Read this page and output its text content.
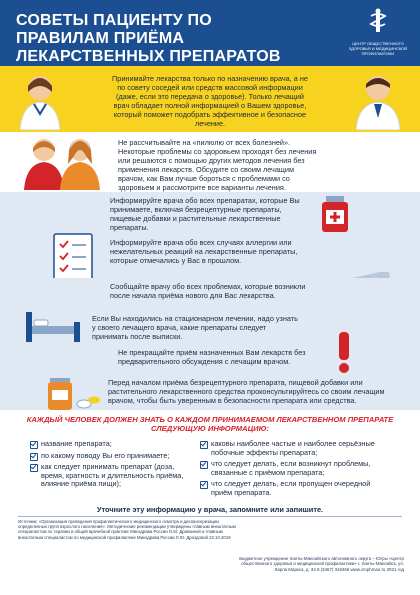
СОВЕТЫ ПАЦИЕНТУ ПО ПРАВИЛАМ ПРИЁМА ЛЕКАРСТВЕННЫХ ПРЕПАРАТОВ
ЦЕНТР ОБЩЕСТВЕННОГО ЗДОРОВЬЯ И МЕДИЦИНСКОЙ ПРОФИЛАКТИКИ
Принимайте лекарства только по назначению врача, а не по совету соседей или средств массовой информации (даже, если это передача о здоровье). Только лечащий врач обладает полной информацией о Вашем здоровье, который поможет подобрать эффективное и безопасное лечение.
Не рассчитывайте на «пилюлю от всех болезней». Некоторые проблемы со здоровьем проходят без лечения или решаются с помощью других методов лечения без применения лекарств. Обсудите со своим лечащим врачом, как Вам лучше бороться с проблемами со здоровьем и рассмотрите все варианты лечения.
Информируйте врача обо всех препаратах, которые Вы принимаете, включая безрецептурные препараты, пищевые добавки и растительные лекарственные препараты.
Информируйте врача обо всех случаях аллергии или нежелательных реакций на лекарственные препараты, которые отмечались у Вас в прошлом.
Сообщайте врачу обо всех проблемах, которые возникли после начала приёма нового для Вас лекарства.
Если Вы находились на стационарном лечении, надо узнать у своего лечащего врача, какие препараты следует принимать после выписки.
Не прекращайте приём назначенных Вам лекарств без предварительного обсуждения с лечащим врачом.
Перед началом приёма безрецептурного препарата, пищевой добавки или растительного лекарственного средства проконсультируйтесь со своим лечащим врачом, чтобы быть уверенным в безопасности препарата или средства.
КАЖДЫЙ ЧЕЛОВЕК ДОЛЖЕН ЗНАТЬ О КАЖДОМ ПРИНИМАЕМОМ ЛЕКАРСТВЕННОМ ПРЕПАРАТЕ СЛЕДУЮЩУЮ ИНФОРМАЦИЮ:
название препарата;
по какому поводу Вы его принимаете;
как следует принимать препарат (доза, время, кратность и длительность приёма, влияние приёма пищи);
каковы наиболее частые и наиболее серьёзные побочные эффекты препарата;
что следует делать, если возникнут проблемы, связанные с приёмом препарата;
что следует делать, если пропущен очередной приём препарата.
Уточните эту информацию у врача, запомните или запишите.
Источник: «Организация проведения профилактического медицинского осмотра и диспансеризации определенных групп взрослого населения». Методические рекомендации утверждены главным внештатным специалистом по терапии и общей врачебной практике Минздрава России О.М. Драпкиной и главным внештатным специалистом по медицинской профилактике Минздрава России Л.Ю. Дроздовой 22.10.2019
Бюджетное учреждение Ханты-Мансийского автономного округа – Югры «Центр общественного здоровья и медицинской профилактики» г. Ханты-Мансийск, ул. Карла Маркса, д. 34 8 (3467) 318466 www.cmphmao.ru 2021 год
